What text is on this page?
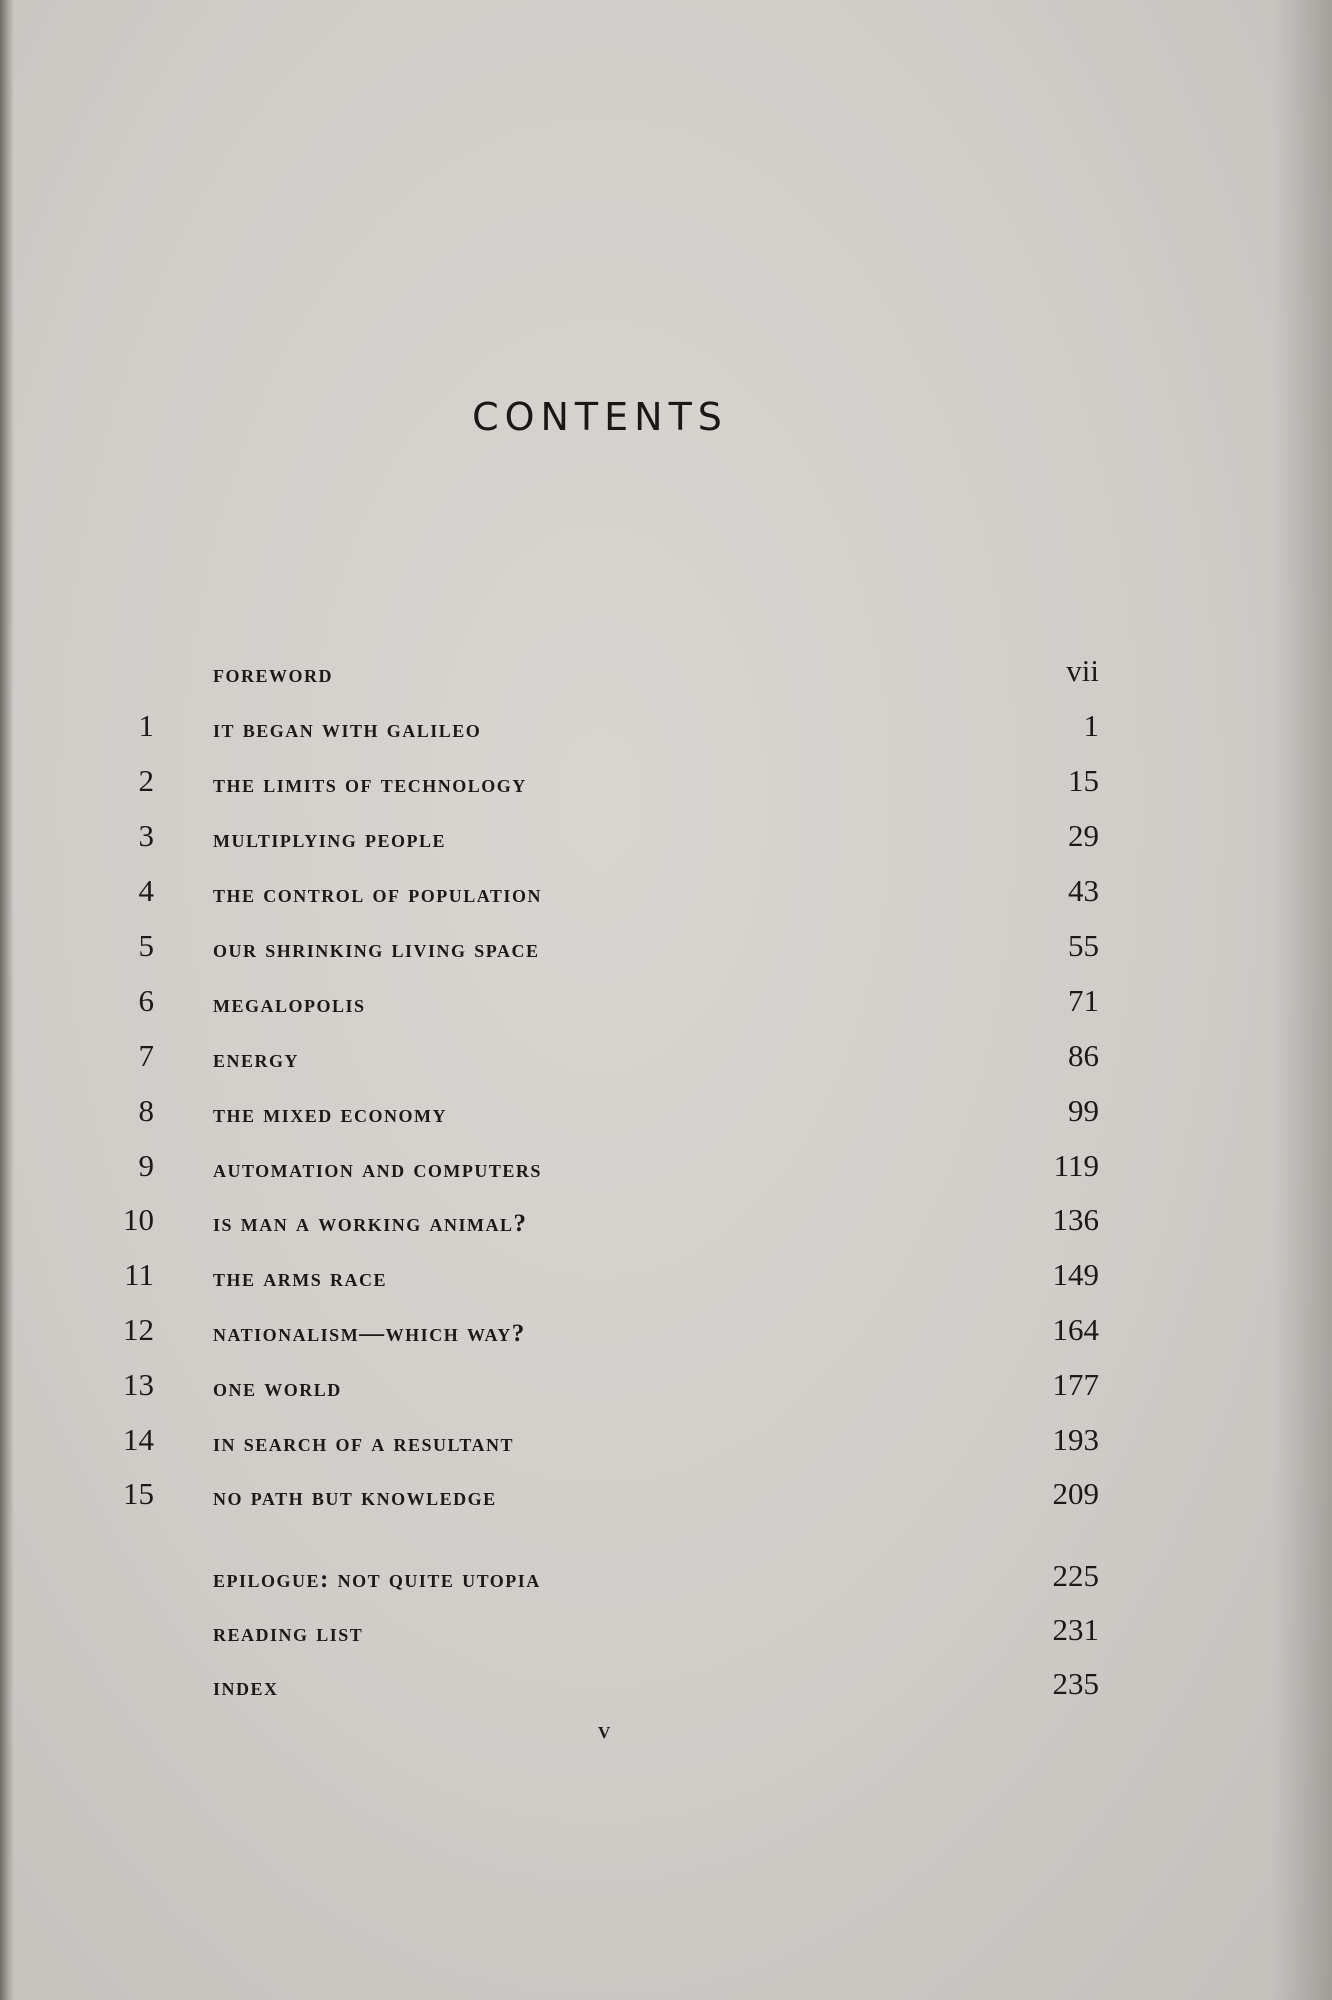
CONTENTS
foreword	vii
1 it began with galileo	1
2 the limits of technology	15
3 multiplying people	29
4 the control of population	43
5 our shrinking living space	55
6 megalopolis	71
7 energy	86
8 the mixed economy	99
9 automation and computers	119
10 is man a working animal?	136
11 the arms race	149
12 nationalism—which way?	164
13 one world	177
14 in search of a resultant	193
15 no path but knowledge	209
epilogue: not quite utopia	225
reading list	231
index	235
v
